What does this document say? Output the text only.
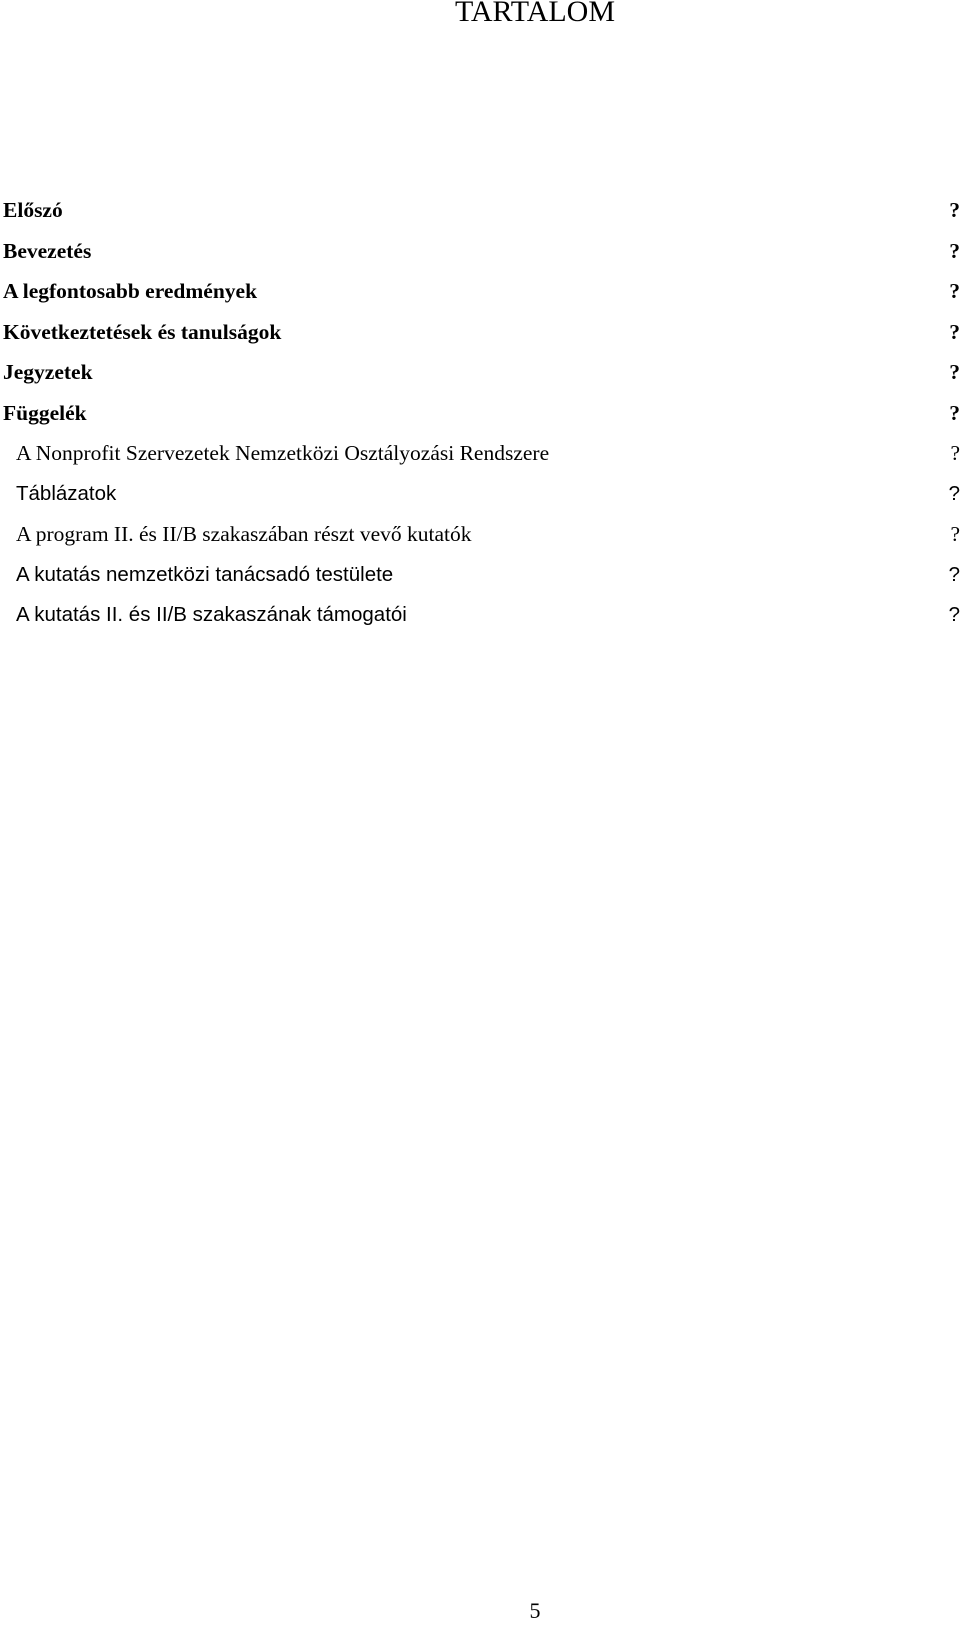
TARTALOM
Előszó	?
Bevezetés	?
A legfontosabb eredmények	?
Következtetések és tanulságok	?
Jegyzetek	?
Függelék	?
A Nonprofit Szervezetek Nemzetközi Osztályozási Rendszere	?
Táblázatok	?
A program II. és II/B szakaszában részt vevő kutatók	?
A kutatás nemzetközi tanácsadó testülete	?
A kutatás II. és II/B szakaszának támogatói	?
5
